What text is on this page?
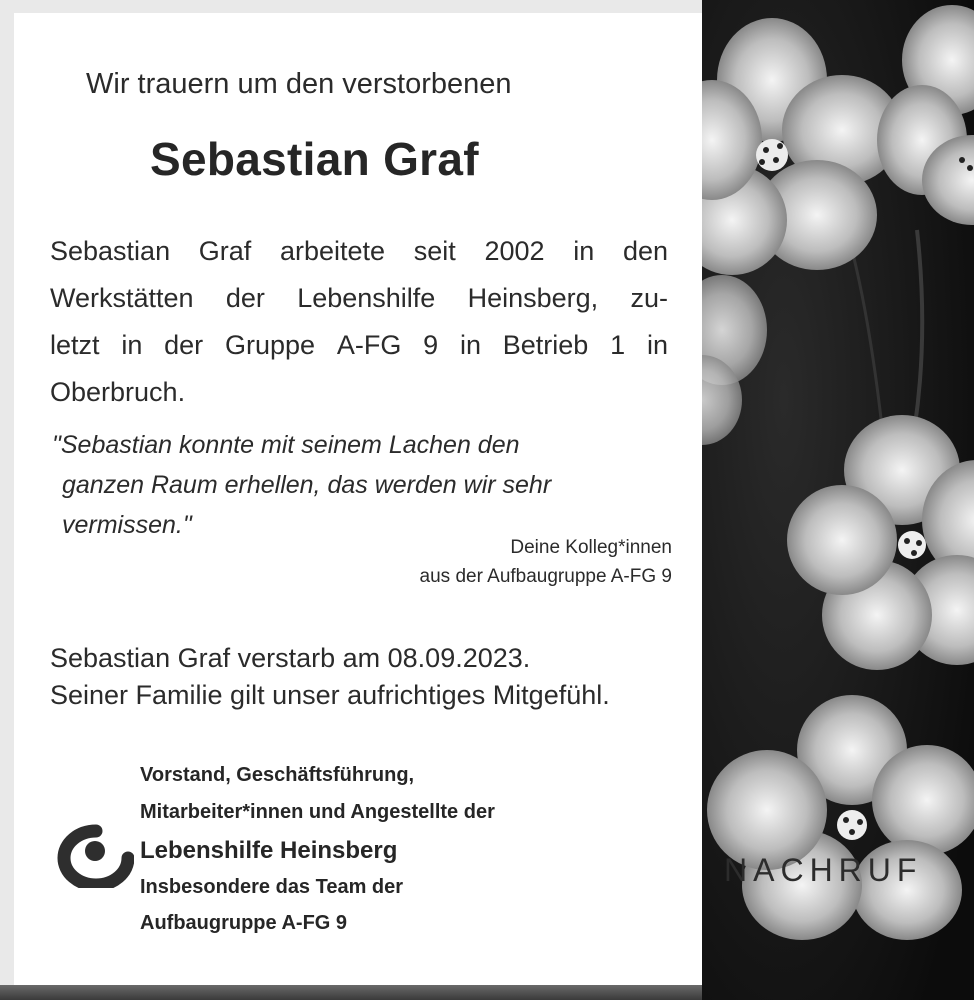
Wir trauern um den verstorbenen
Sebastian Graf
Sebastian Graf arbeitete seit 2002 in den
Werkstätten der Lebenshilfe Heinsberg, zu-
letzt in der Gruppe A-FG 9 in Betrieb 1 in
Oberbruch.
"Sebastian konnte mit seinem Lachen den
ganzen Raum erhellen, das werden wir sehr
vermissen."
Deine Kolleg*innen
aus der Aufbaugruppe A-FG 9
Sebastian Graf verstarb am 08.09.2023.
Seiner Familie gilt unser aufrichtiges Mitgefühl.
Vorstand, Geschäftsführung,
Mitarbeiter*innen und Angestellte der
Lebenshilfe Heinsberg
Insbesondere das Team der
Aufbaugruppe A-FG 9
NACHRUF
